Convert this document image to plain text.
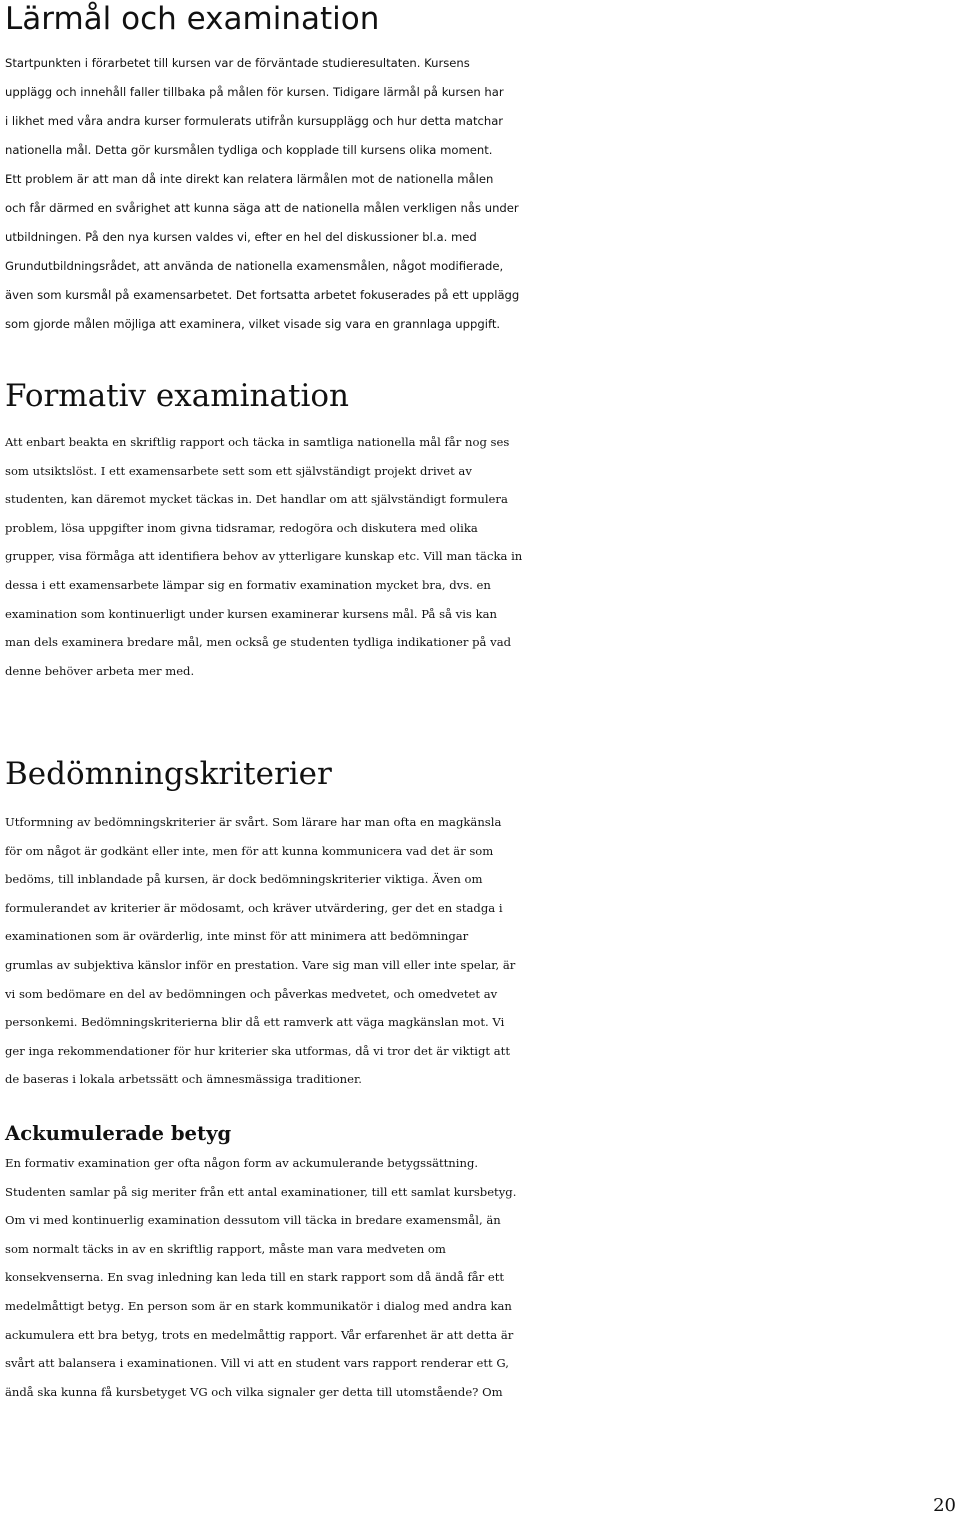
Lärmål och examination
Startpunkten i förarbetet till kursen var de förväntade studieresultaten. Kursens
upplägg och innehåll faller tillbaka på målen för kursen. Tidigare lärmål på kursen har
i likhet med våra andra kurser formulerats utifrån kursupplägg och hur detta matchar
nationella mål. Detta gör kursmålen tydliga och kopplade till kursens olika moment.
Ett problem är att man då inte direkt kan relatera lärmålen mot de nationella målen
och får därmed en svårighet att kunna säga att de nationella målen verkligen nås under
utbildningen. På den nya kursen valdes vi, efter en hel del diskussioner bl.a. med
Grundutbildningsrådet, att använda de nationella examensmålen, något modifierade,
även som kursmål på examensarbetet. Det fortsatta arbetet fokuserades på ett upplägg
som gjorde målen möjliga att examinera, vilket visade sig vara en grannlaga uppgift.
Formativ examination
Att enbart beakta en skriftlig rapport och täcka in samtliga nationella mål får nog ses
som utsiktslöst. I ett examensarbete sett som ett självständigt projekt drivet av
studenten, kan däremot mycket täckas in. Det handlar om att självständigt formulera
problem, lösa uppgifter inom givna tidsramar, redogöra och diskutera med olika
grupper, visa förmåga att identifiera behov av ytterligare kunskap etc. Vill man täcka in
dessa i ett examensarbete lämpar sig en formativ examination mycket bra, dvs. en
examination som kontinuerligt under kursen examinerar kursens mål. På så vis kan
man dels examinera bredare mål, men också ge studenten tydliga indikationer på vad
denne behöver arbeta mer med.
Bedömningskriterier
Utformning av bedömningskriterier är svårt. Som lärare har man ofta en magkänsla
för om något är godkänt eller inte, men för att kunna kommunicera vad det är som
bedöms, till inblandade på kursen, är dock bedömningskriterier viktiga. Även om
formulerandet av kriterier är mödosamt, och kräver utvärdering, ger det en stadga i
examinationen som är ovärderlig, inte minst för att minimera att bedömningar
grumlas av subjektiva känslor inför en prestation. Vare sig man vill eller inte spelar, är
vi som bedömare en del av bedömningen och påverkas medvetet, och omedvetet av
personkemi. Bedömningskriterierna blir då ett ramverk att väga magkänslan mot. Vi
ger inga rekommendationer för hur kriterier ska utformas, då vi tror det är viktigt att
de baseras i lokala arbetssätt och ämnesmässiga traditioner.
Ackumulerade betyg
En formativ examination ger ofta någon form av ackumulerande betygssättning.
Studenten samlar på sig meriter från ett antal examinationer, till ett samlat kursbetyg.
Om vi med kontinuerlig examination dessutom vill täcka in bredare examensmål, än
som normalt täcks in av en skriftlig rapport, måste man vara medveten om
konsekvenserna. En svag inledning kan leda till en stark rapport som då ändå får ett
medelmåttigt betyg. En person som är en stark kommunikatör i dialog med andra kan
ackumulera ett bra betyg, trots en medelmåttig rapport. Vår erfarenhet är att detta är
svårt att balansera i examinationen. Vill vi att en student vars rapport renderar ett G,
ändå ska kunna få kursbetyget VG och vilka signaler ger detta till utomstående? Om
20
